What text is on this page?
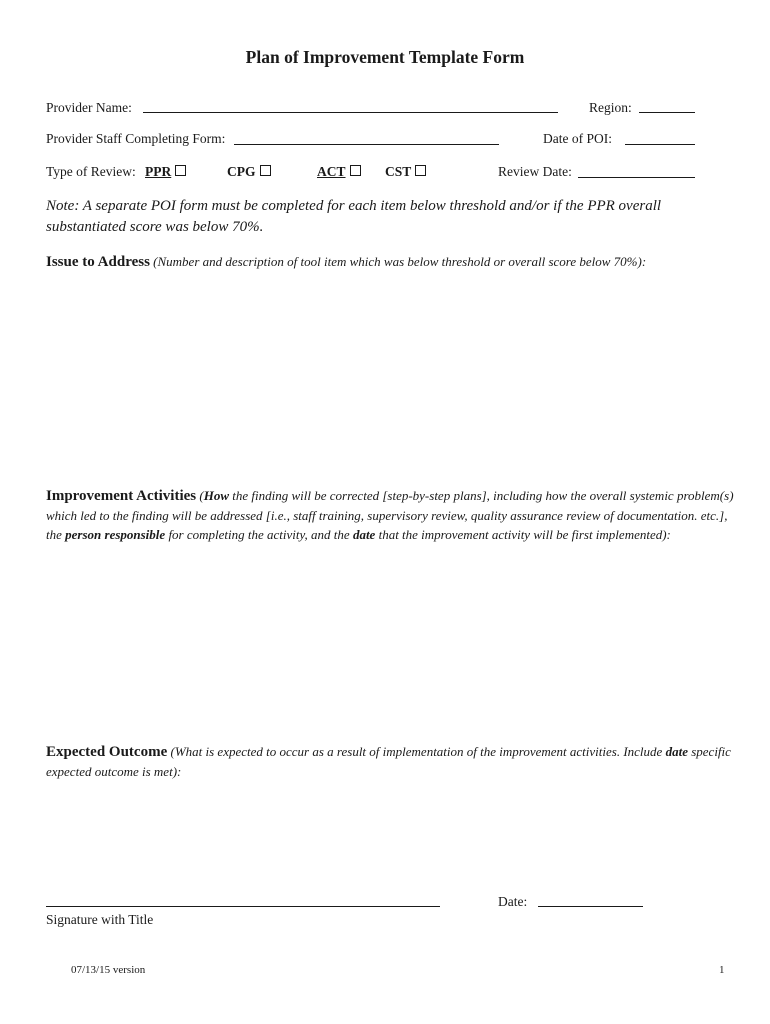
Plan of Improvement Template Form
Provider Name:	Region:
Provider Staff Completing Form:	Date of POI:
Type of Review: PPR	CPG	ACT	CST	Review Date:
Note: A separate POI form must be completed for each item below threshold and/or if the PPR overall substantiated score was below 70%.
Issue to Address (Number and description of tool item which was below threshold or overall score below 70%):
Improvement Activities (How the finding will be corrected [step-by-step plans], including how the overall systemic problem(s) which led to the finding will be addressed [i.e., staff training, supervisory review, quality assurance review of documentation. etc.], the person responsible for completing the activity, and the date that the improvement activity will be first implemented):
Expected Outcome (What is expected to occur as a result of implementation of the improvement activities. Include date specific expected outcome is met):
Signature with Title
Date:
07/13/15 version	1
